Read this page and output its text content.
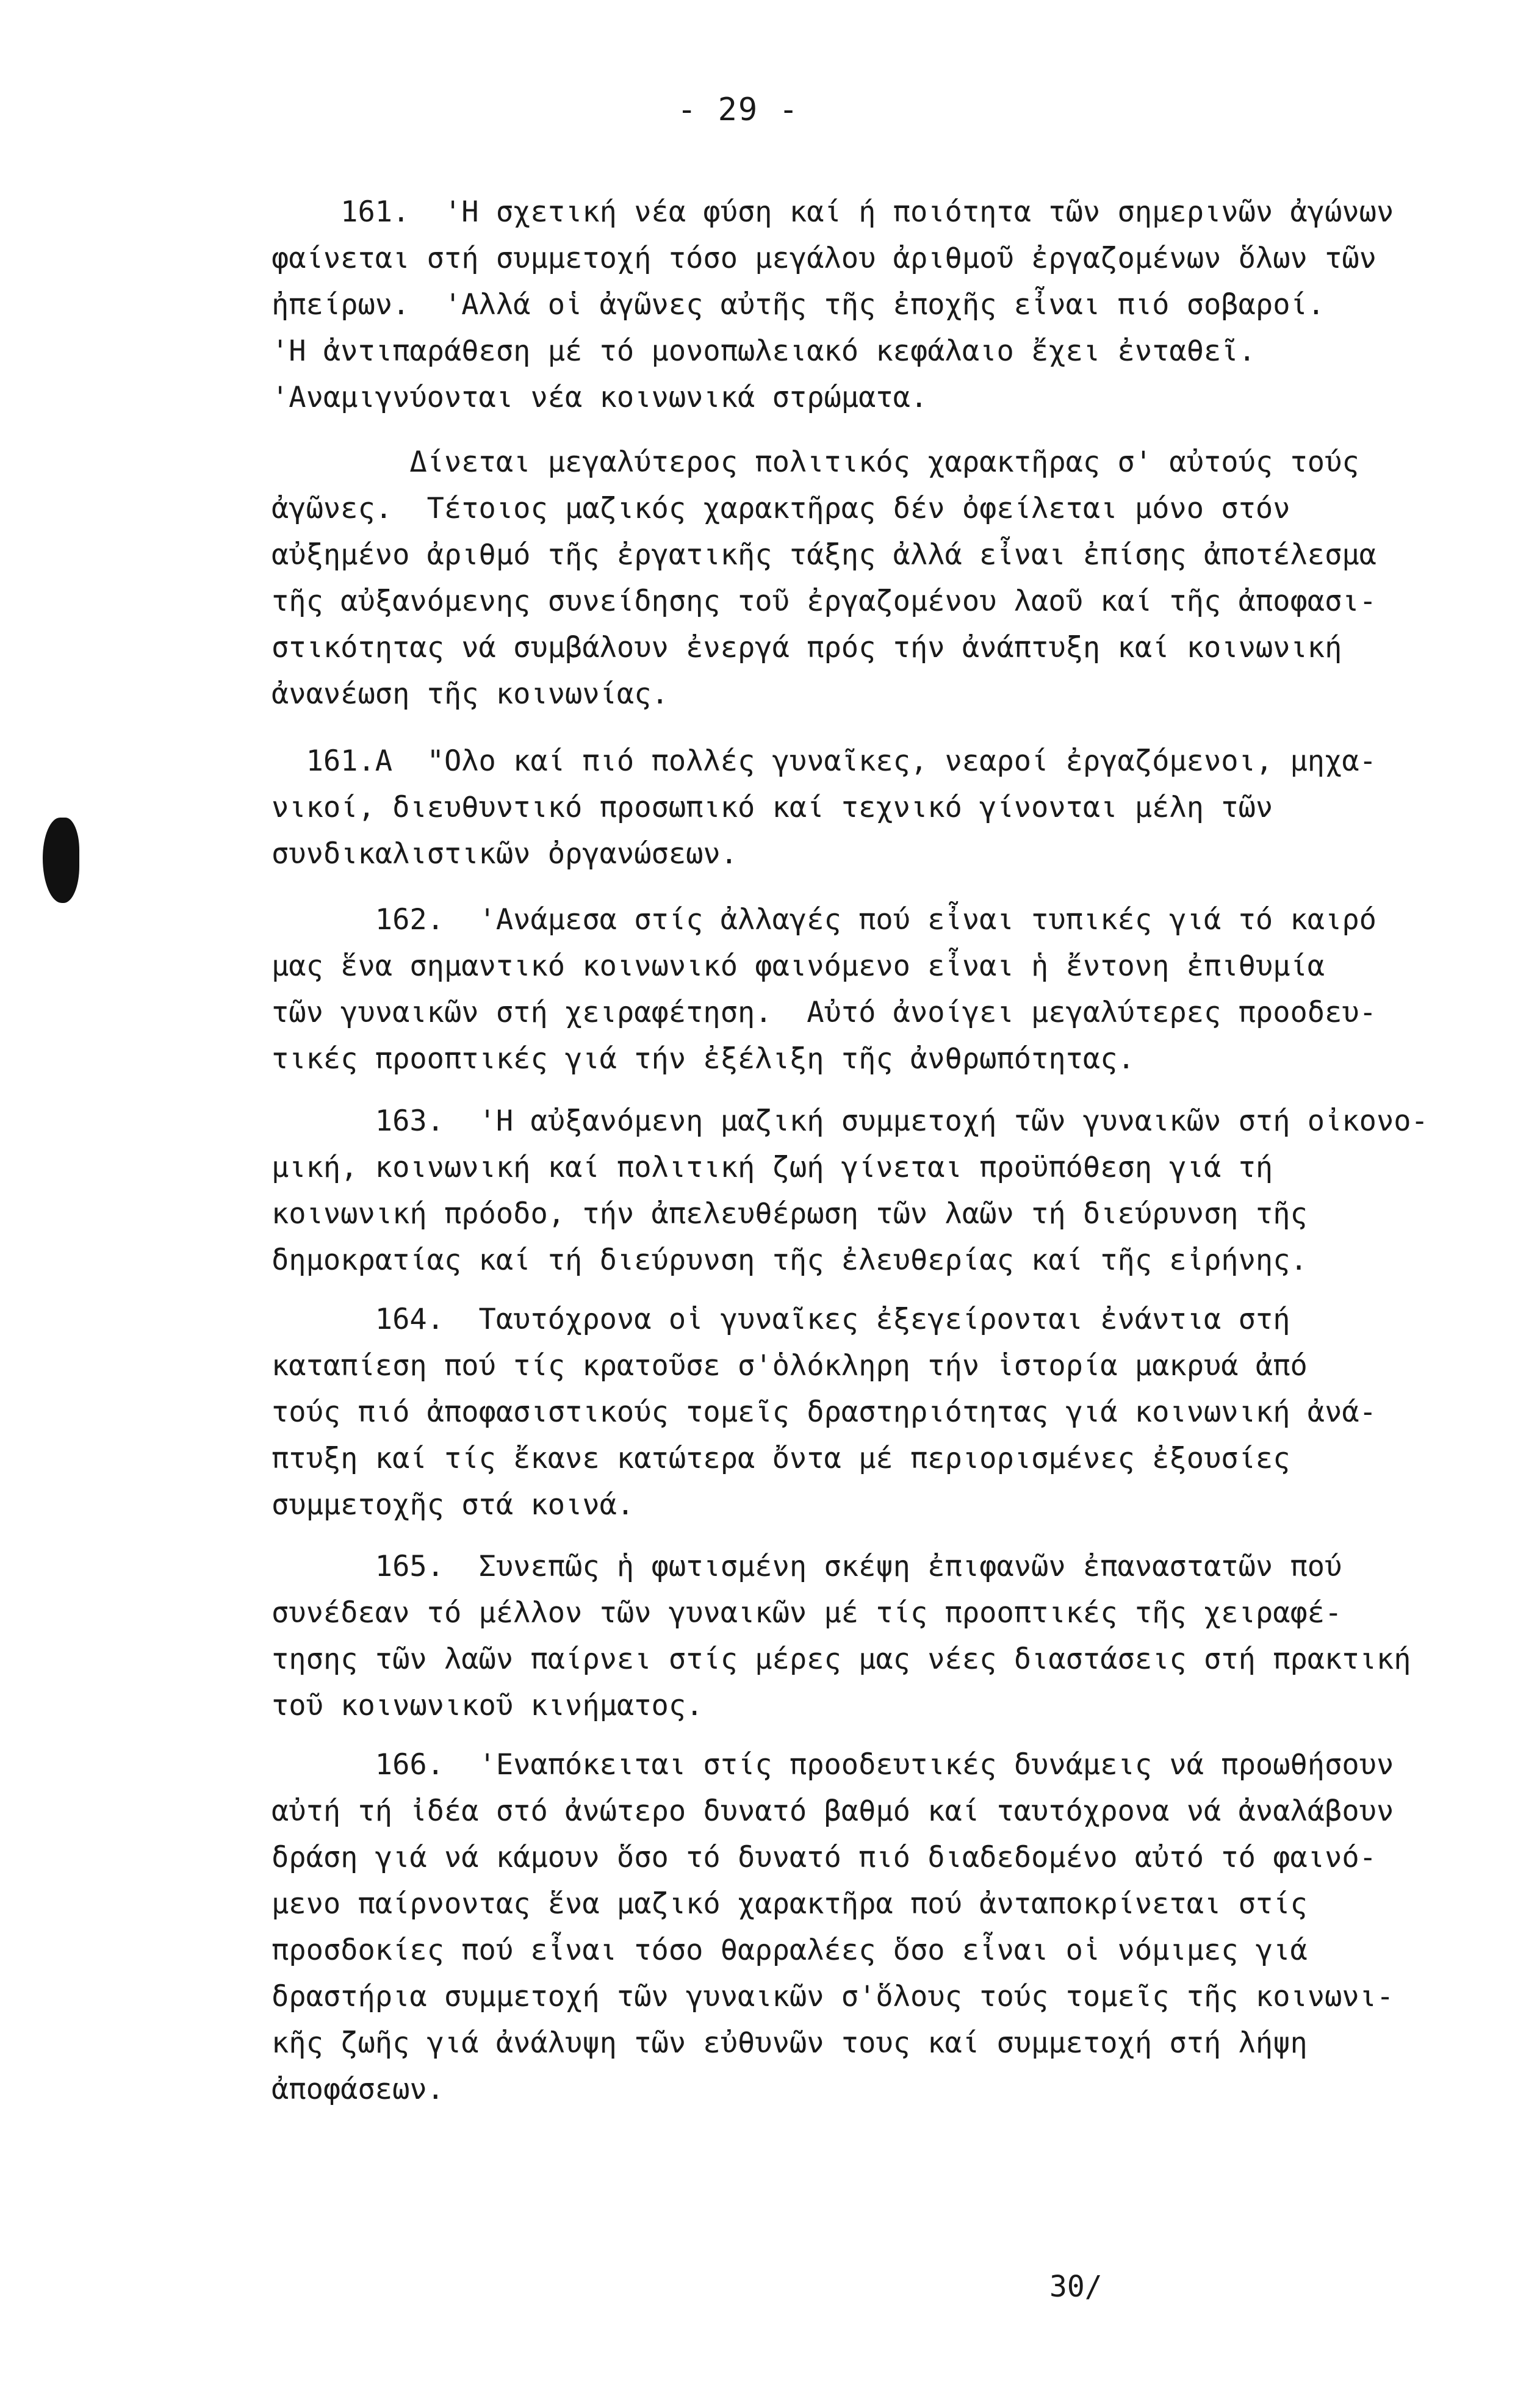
- 29 -
161.  'Η σχετική νέα φύση καί ή ποιότητα τῶν σημερινῶν ἀγώνων
φαίνεται στή συμμετοχή τόσο μεγάλου ἀριθμοῦ ἐργαζομένων ὅλων τῶν
ἠπείρων.  'Αλλά οἱ ἀγῶνες αὐτῆς τῆς ἐποχῆς εἶναι πιό σοβαροί.
'Η ἀντιπαράθεση μέ τό μονοπωλειακό κεφάλαιο ἔχει ἐνταθεῖ.
'Αναμιγνύονται νέα κοινωνικά στρώματα.
Δίνεται μεγαλύτερος πολιτικός χαρακτῆρας σ' αὐτούς τούς
ἀγῶνες.  Τέτοιος μαζικός χαρακτῆρας δέν ὀφείλεται μόνο στόν
αὐξημένο ἀριθμό τῆς ἐργατικῆς τάξης ἀλλά εἶναι ἐπίσης ἀποτέλεσμα
τῆς αὐξανόμενης συνείδησης τοῦ ἐργαζομένου λαοῦ καί τῆς ἀποφασι-
στικότητας νά συμβάλουν ἐνεργά πρός τήν ἀνάπτυξη καί κοινωνική
ἀνανέωση τῆς κοινωνίας.
161.A  "Ολο καί πιό πολλές γυναῖκες, νεαροί ἐργαζόμενοι, μηχα-
νικοί, διευθυντικό προσωπικό καί τεχνικό γίνονται μέλη τῶν
συνδικαλιστικῶν ὀργανώσεων.
162.  'Ανάμεσα στίς ἀλλαγές πού εἶναι τυπικές γιά τό καιρό
μας ἕνα σημαντικό κοινωνικό φαινόμενο εἶναι ἡ ἔντονη ἐπιθυμία
τῶν γυναικῶν στή χειραφέτηση.  Αὐτό ἀνοίγει μεγαλύτερες προοδευ-
τικές προοπτικές γιά τήν ἐξέλιξη τῆς ἀνθρωπότητας.
163.  'Η αὐξανόμενη μαζική συμμετοχή τῶν γυναικῶν στή οἰκονο-
μική, κοινωνική καί πολιτική ζωή γίνεται προϋπόθεση γιά τή
κοινωνική πρόοδο, τήν ἀπελευθέρωση τῶν λαῶν τή διεύρυνση τῆς
δημοκρατίας καί τή διεύρυνση τῆς ἐλευθερίας καί τῆς εἰρήνης.
164.  Ταυτόχρονα οἱ γυναῖκες ἐξεγείρονται ἐνάντια στή
καταπίεση πού τίς κρατοῦσε σ'ὁλόκληρη τήν ἱστορία μακρυά ἀπό
τούς πιό ἀποφασιστικούς τομεῖς δραστηριότητας γιά κοινωνική ἀνά-
πτυξη καί τίς ἔκανε κατώτερα ὄντα μέ περιορισμένες ἐξουσίες
συμμετοχῆς στά κοινά.
165.  Συνεπῶς ἡ φωτισμένη σκέψη ἐπιφανῶν ἐπαναστατῶν πού
συνέδεαν τό μέλλον τῶν γυναικῶν μέ τίς προοπτικές τῆς χειραφέ-
τησης τῶν λαῶν παίρνει στίς μέρες μας νέες διαστάσεις στή πρακτική
τοῦ κοινωνικοῦ κινήματος.
166.  'Εναπόκειται στίς προοδευτικές δυνάμεις νά προωθήσουν
αὐτή τή ἰδέα στό ἀνώτερο δυνατό βαθμό καί ταυτόχρονα νά ἀναλάβουν
δράση γιά νά κάμουν ὅσο τό δυνατό πιό διαδεδομένο αὐτό τό φαινό-
μενο παίρνοντας ἕνα μαζικό χαρακτῆρα πού ἀνταποκρίνεται στίς
προσδοκίες πού εἶναι τόσο θαρραλέες ὅσο εἶναι οἱ νόμιμες γιά
δραστήρια συμμετοχή τῶν γυναικῶν σ'ὅλους τούς τομεῖς τῆς κοινωνι-
κῆς ζωῆς γιά ἀνάλυψη τῶν εὐθυνῶν τους καί συμμετοχή στή λήψη
ἀποφάσεων.
30/
